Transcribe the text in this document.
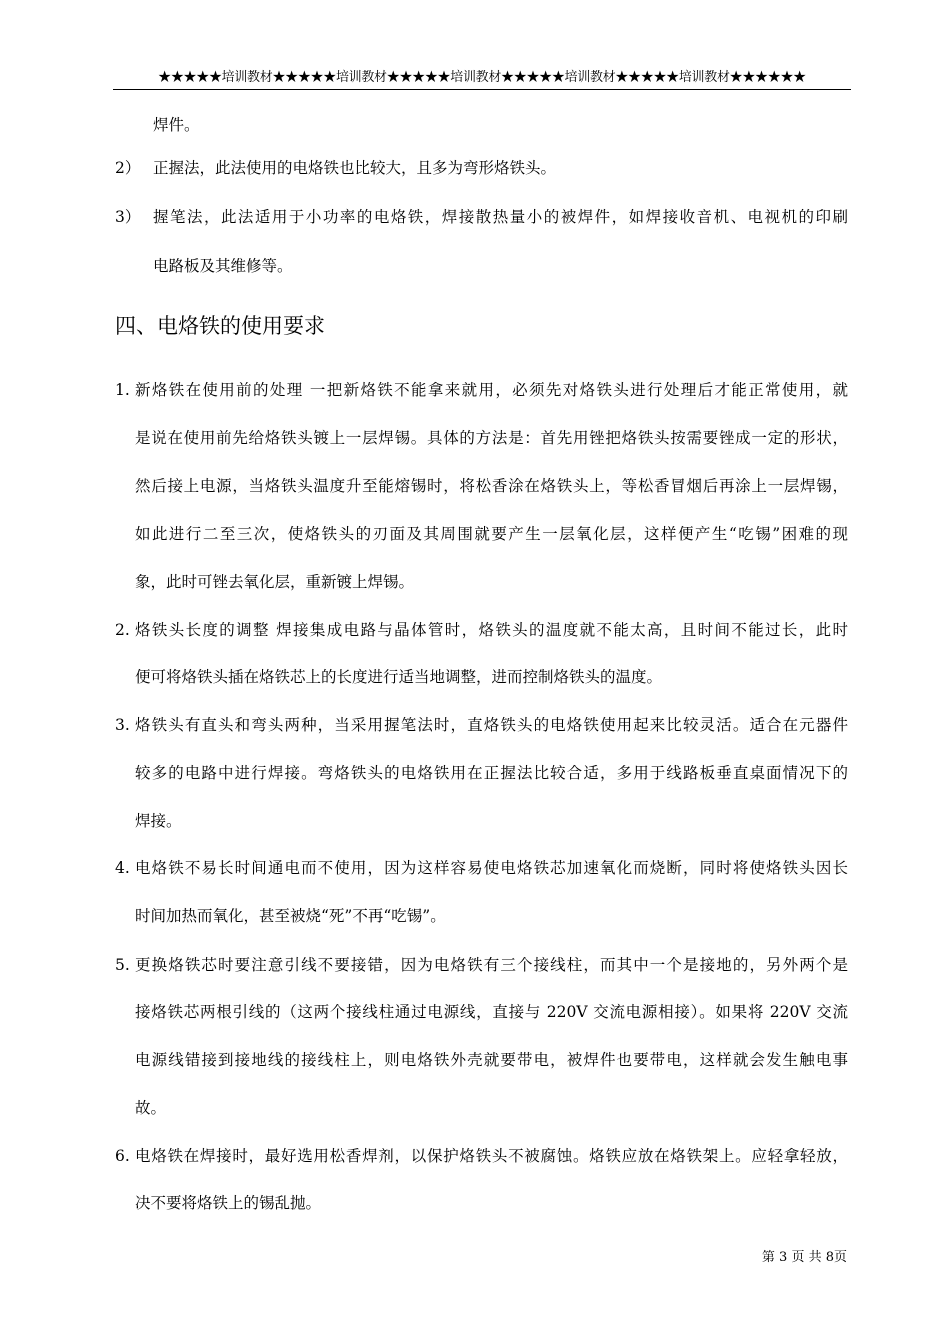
★★★★★培训教材★★★★★培训教材★★★★★培训教材★★★★★培训教材★★★★★培训教材★★★★★★
焊件。
2） 正握法，此法使用的电烙铁也比较大，且多为弯形烙铁头。
3） 握笔法，此法适用于小功率的电烙铁，焊接散热量小的被焊件，如焊接收音机、电视机的印刷
电路板及其维修等。
四、电烙铁的使用要求
1. 新烙铁在使用前的处理 一把新烙铁不能拿来就用，必须先对烙铁头进行处理后才能正常使用，就
是说在使用前先给烙铁头镀上一层焊锡。具体的方法是：首先用锉把烙铁头按需要锉成一定的形状，
然后接上电源，当烙铁头温度升至能熔锡时，将松香涂在烙铁头上，等松香冒烟后再涂上一层焊锡，
如此进行二至三次，使烙铁头的刃面及其周围就要产生一层氧化层，这样便产生“吃锡”困难的现
象，此时可锉去氧化层，重新镀上焊锡。
2. 烙铁头长度的调整 焊接集成电路与晶体管时，烙铁头的温度就不能太高，且时间不能过长，此时
便可将烙铁头插在烙铁芯上的长度进行适当地调整，进而控制烙铁头的温度。
3. 烙铁头有直头和弯头两种，当采用握笔法时，直烙铁头的电烙铁使用起来比较灵活。适合在元器件
较多的电路中进行焊接。弯烙铁头的电烙铁用在正握法比较合适，多用于线路板垂直桌面情况下的
焊接。
4. 电烙铁不易长时间通电而不使用，因为这样容易使电烙铁芯加速氧化而烧断，同时将使烙铁头因长
时间加热而氧化，甚至被烧“死”不再“吃锡”。
5. 更换烙铁芯时要注意引线不要接错，因为电烙铁有三个接线柱，而其中一个是接地的，另外两个是
接烙铁芯两根引线的（这两个接线柱通过电源线，直接与 220V 交流电源相接）。如果将 220V 交流
电源线错接到接地线的接线柱上，则电烙铁外壳就要带电，被焊件也要带电，这样就会发生触电事
故。
6. 电烙铁在焊接时，最好选用松香焊剂，以保护烙铁头不被腐蚀。烙铁应放在烙铁架上。应轻拿轻放，
决不要将烙铁上的锡乱抛。
第 3 页 共 8页
